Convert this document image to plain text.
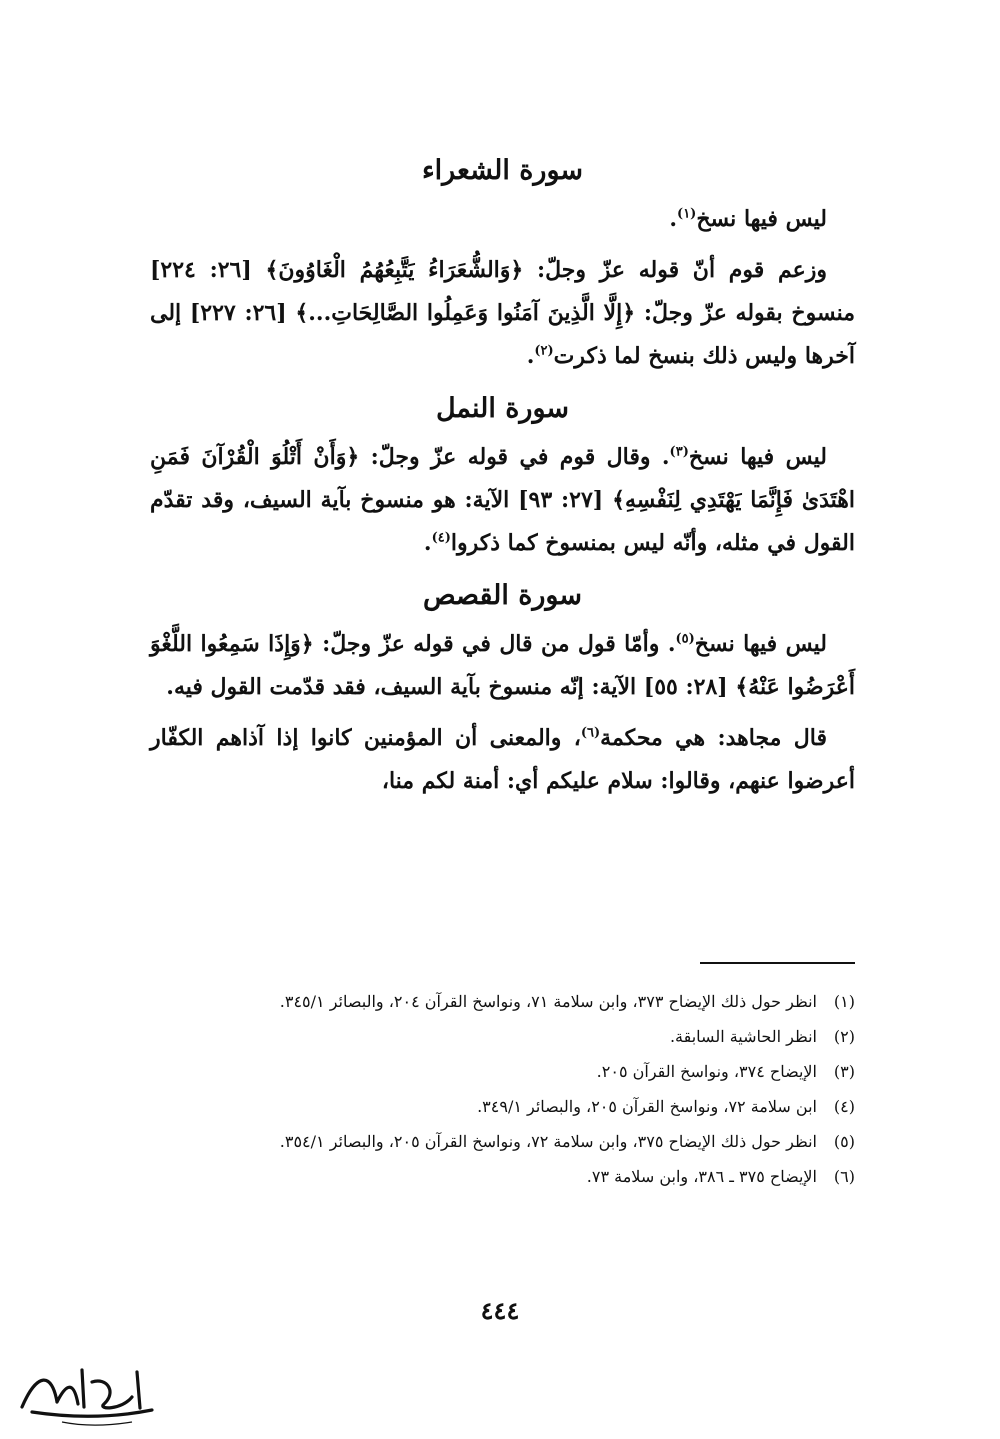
سورة الشعراء

ليس فيها نسخ$^{(١)}$.

وزعم قوم أنّ قوله عزّ وجلّ: ﴿وَالشُّعَرَاءُ يَتَّبِعُهُمُ الْغَاوُونَ﴾ [٢٦: ٢٢٤] منسوخ بقوله عزّ وجلّ: ﴿إِلَّا الَّذِينَ آمَنُوا وَعَمِلُوا الصَّالِحَاتِ...﴾ [٢٦: ٢٢٧] إلى آخرها وليس ذلك بنسخ لما ذكرت$^{(٢)}$.

سورة النمل

ليس فيها نسخ$^{(٣)}$. وقال قوم في قوله عزّ وجلّ: ﴿وَأَنْ أَتْلُوَ الْقُرْآنَ فَمَنِ اهْتَدَىٰ فَإِنَّمَا يَهْتَدِي لِنَفْسِهِ﴾ [٢٧: ٩٣] الآية: هو منسوخ بآية السيف، وقد تقدّم القول في مثله، وأنّه ليس بمنسوخ كما ذكروا$^{(٤)}$.

سورة القصص

ليس فيها نسخ$^{(٥)}$. وأمّا قول من قال في قوله عزّ وجلّ: ﴿وَإِذَا سَمِعُوا اللَّغْوَ أَعْرَضُوا عَنْهُ﴾ [٢٨: ٥٥] الآية: إنّه منسوخ بآية السيف، فقد قدّمت القول فيه.

قال مجاهد: هي محكمة$^{(٦)}$، والمعنى أن المؤمنين كانوا إذا آذاهم الكفّار أعرضوا عنهم، وقالوا: سلام عليكم أي: أمنة لكم منا،

(١)انظر حول ذلك الإيضاح ٣٧٣، وابن سلامة ٧١، ونواسخ القرآن ٢٠٤، والبصائر ٣٤٥/١.

(٢)انظر الحاشية السابقة.

(٣)الإيضاح ٣٧٤، ونواسخ القرآن ٢٠٥.

(٤)ابن سلامة ٧٢، ونواسخ القرآن ٢٠٥، والبصائر ٣٤٩/١.

(٥)انظر حول ذلك الإيضاح ٣٧٥، وابن سلامة ٧٢، ونواسخ القرآن ٢٠٥، والبصائر ٣٥٤/١.

(٦)الإيضاح ٣٧٥ ـ ٣٨٦، وابن سلامة ٧٣.

٤٤٤
